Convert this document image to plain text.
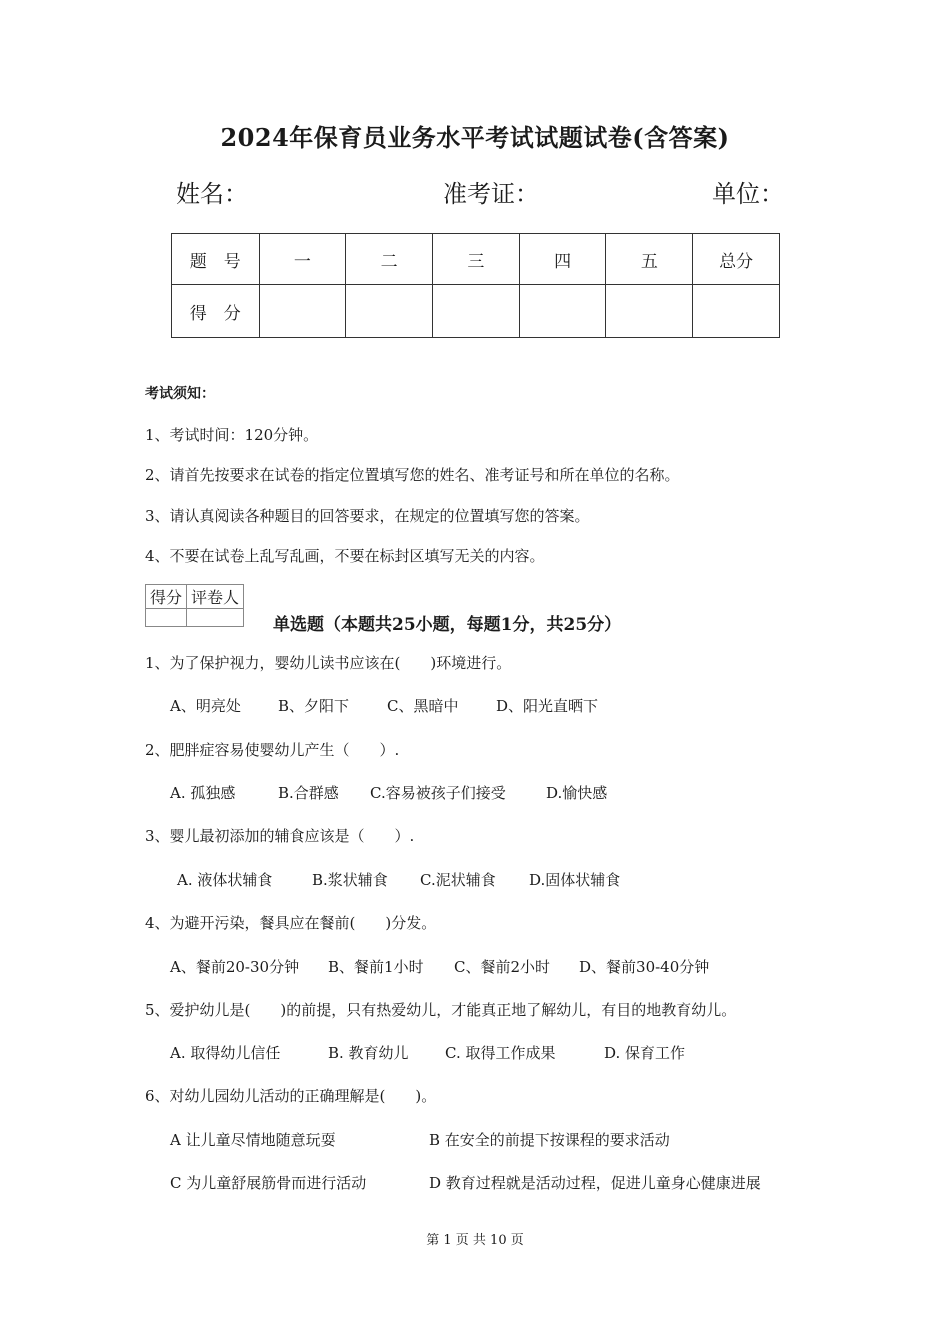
2024年保育员业务水平考试试题试卷(含答案)
姓名：	准考证：	单位：
题　号	一	二	三	四	五	总分
得　分						
考试须知：
1、考试时间：120分钟。
2、请首先按要求在试卷的指定位置填写您的姓名、准考证号和所在单位的名称。
3、请认真阅读各种题目的回答要求，在规定的位置填写您的答案。
4、不要在试卷上乱写乱画，不要在标封区填写无关的内容。
得分	评卷人

单选题（本题共25小题，每题1分，共25分）
1、为了保护视力，婴幼儿读书应该在(　　)环境进行。
A、明亮处 B、夕阳下	C、黑暗中	D、阳光直晒下
2、肥胖症容易使婴幼儿产生（　　）.
A. 孤独感	B.合群感 C.容易被孩子们接受	D.愉快感
3、婴儿最初添加的辅食应该是（　　）.
A. 液体状辅食	B.浆状辅食 C.泥状辅食 D.固体状辅食
4、为避开污染，餐具应在餐前(　　)分发。
A、餐前20-30分钟 B、餐前1小时 C、餐前2小时 D、餐前30-40分钟
5、爱护幼儿是(　　)的前提，只有热爱幼儿，才能真正地了解幼儿，有目的地教育幼儿。
A. 取得幼儿信任	B. 教育幼儿 C. 取得工作成果	D. 保育工作
6、对幼儿园幼儿活动的正确理解是(　　)。
A 让儿童尽情地随意玩耍	B 在安全的前提下按课程的要求活动
C 为儿童舒展筋骨而进行活动	D 教育过程就是活动过程，促进儿童身心健康进展
第 1 页 共 10 页
